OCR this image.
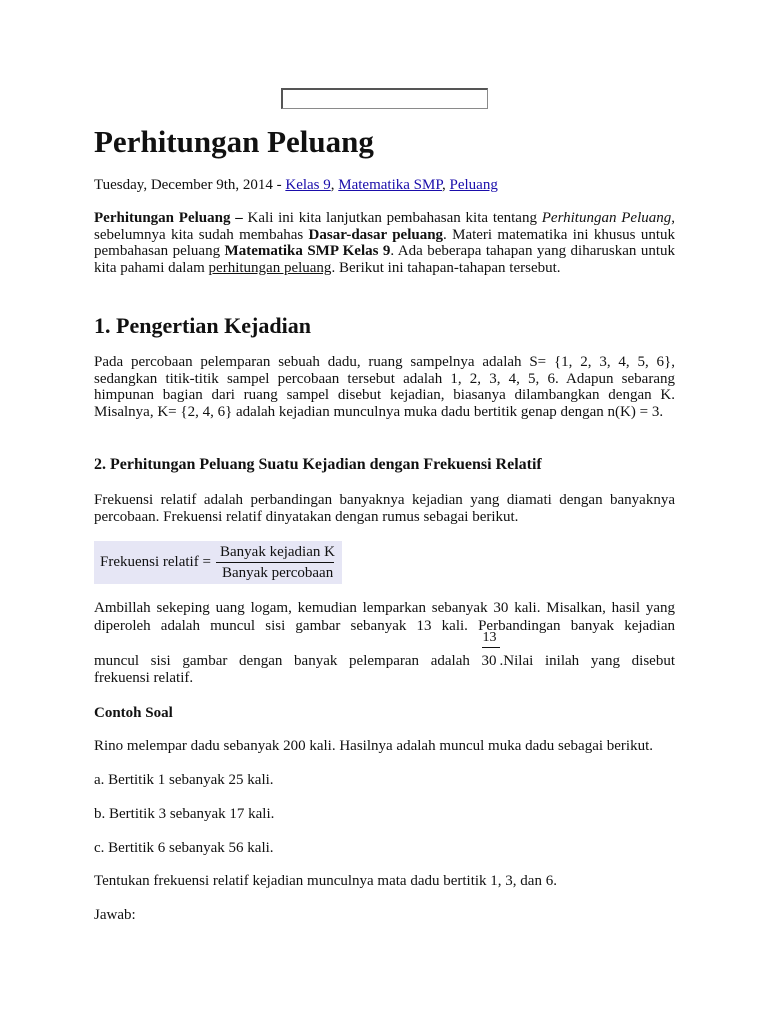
Perhitungan Peluang
Tuesday, December 9th, 2014 - Kelas 9, Matematika SMP, Peluang

Perhitungan Peluang – Kali ini kita lanjutkan pembahasan kita tentang Perhitungan Peluang, sebelumnya kita sudah membahas Dasar-dasar peluang. Materi matematika ini khusus untuk pembahasan peluang Matematika SMP Kelas 9. Ada beberapa tahapan yang diharuskan untuk kita pahami dalam perhitungan peluang. Berikut ini tahapan-tahapan tersebut.

1. Pengertian Kejadian

Pada percobaan pelemparan sebuah dadu, ruang sampelnya adalah S= {1, 2, 3, 4, 5, 6}, sedangkan titik-titik sampel percobaan tersebut adalah 1, 2, 3, 4, 5, 6. Adapun sebarang himpunan bagian dari ruang sampel disebut kejadian, biasanya dilambangkan dengan K. Misalnya, K= {2, 4, 6} adalah kejadian munculnya muka dadu bertitik genap dengan n(K) = 3.

2. Perhitungan Peluang Suatu Kejadian dengan Frekuensi Relatif

Frekuensi relatif adalah perbandingan banyaknya kejadian yang diamati dengan banyaknya percobaan. Frekuensi relatif dinyatakan dengan rumus sebagai berikut.

Frekuensi relatif =
Banyak kejadian K
Banyak percobaan

Ambillah sekeping uang logam, kemudian lemparkan sebanyak 30 kali. Misalkan, hasil yang

diperoleh adalah muncul sisi gambar sebanyak 13 kali. Perbandingan banyak kejadian

muncul sisi gambar dengan banyak pelemparan adalah $\frac{13}{30}.Nilai$ inilah yang disebut

frekuensi relatif.

Contoh Soal
Rino melempar dadu sebanyak 200 kali. Hasilnya adalah muncul muka dadu sebagai berikut.
a. Bertitik 1 sebanyak 25 kali.
b. Bertitik 3 sebanyak 17 kali.
c. Bertitik 6 sebanyak 56 kali.
Tentukan frekuensi relatif kejadian munculnya mata dadu bertitik 1, 3, dan 6.
Jawab:
